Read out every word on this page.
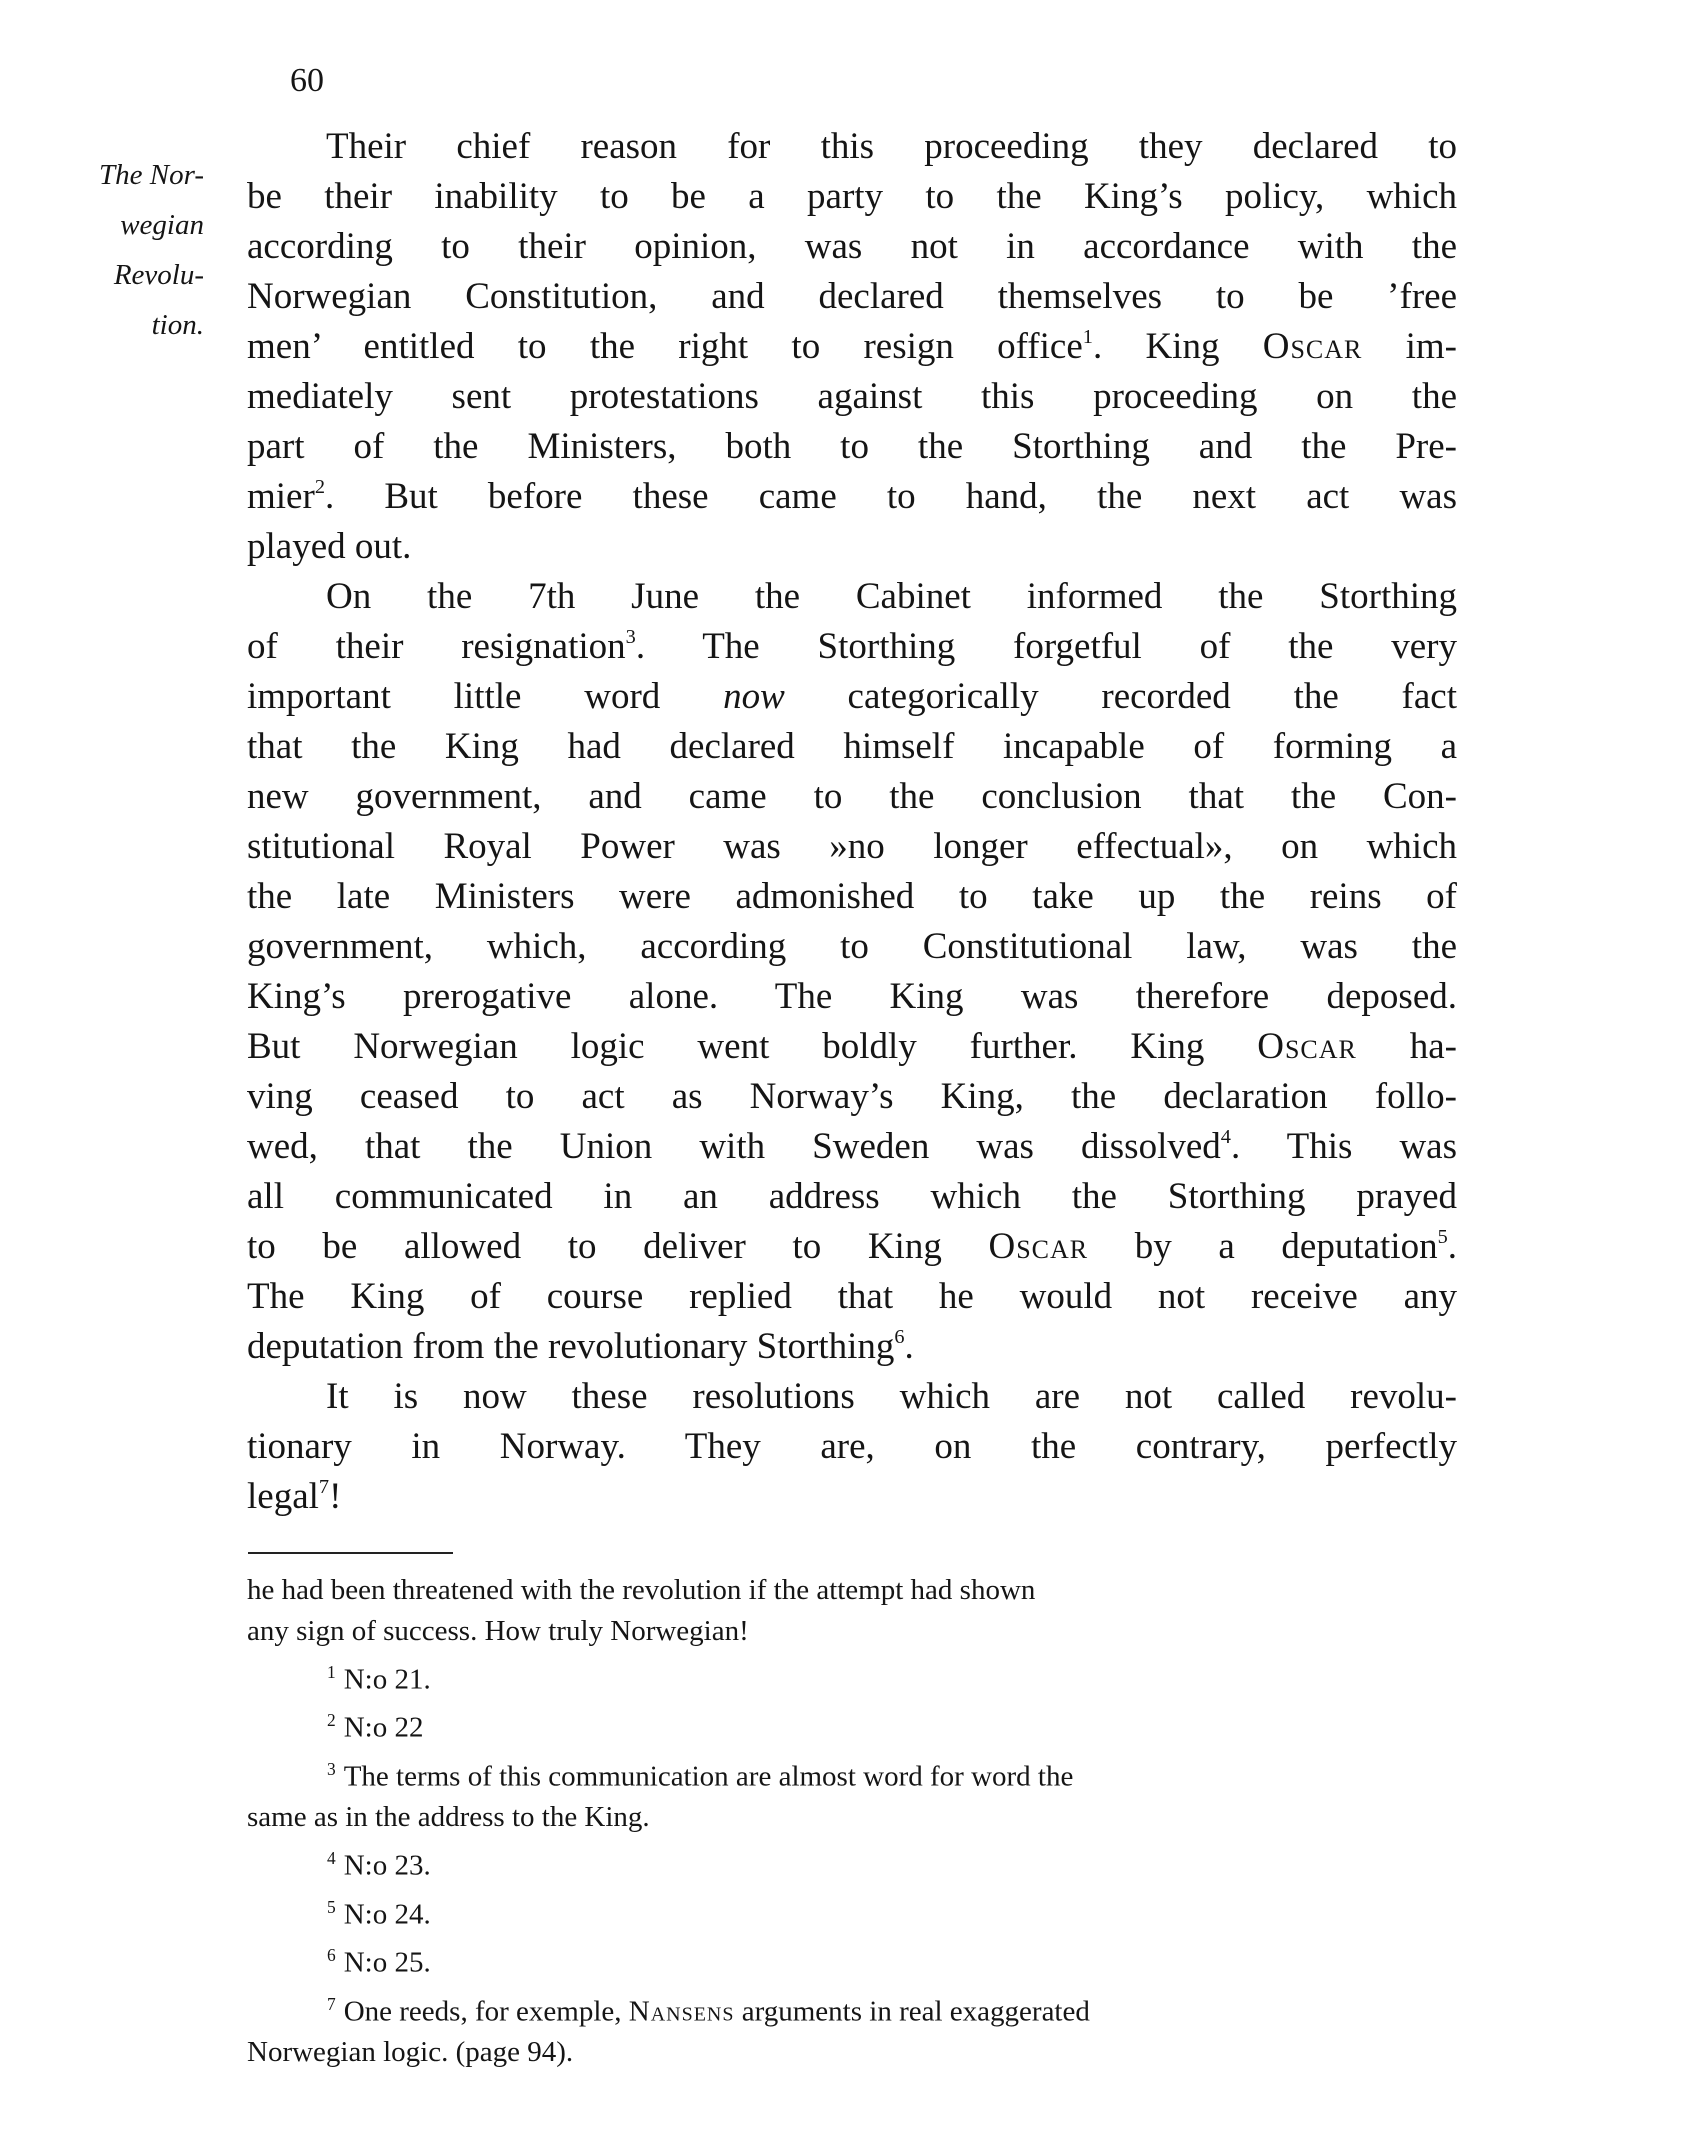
60
The Nor-
wegian
Revolu-
tion.
Their chief reason for this proceeding they declared to
be their inability to be a party to the King’s policy, which
according to their opinion, was not in accordance with the
Norwegian Constitution, and declared themselves to be ’free
men’ entitled to the right to resign office$^1$. King Oscar im-
mediately sent protestations against this proceeding on the
part of the Ministers, both to the Storthing and the Pre-
mier$^2$. But before these came to hand, the next act was
played out.
On the 7th June the Cabinet informed the Storthing
of their resignation$^3$. The Storthing forgetful of the very
important little word now categorically recorded the fact
that the King had declared himself incapable of forming a
new government, and came to the conclusion that the Con-
stitutional Royal Power was »no longer effectual», on which
the late Ministers were admonished to take up the reins of
government, which, according to Constitutional law, was the
King’s prerogative alone. The King was therefore deposed.
But Norwegian logic went boldly further. King Oscar ha-
ving ceased to act as Norway’s King, the declaration follo-
wed, that the Union with Sweden was dissolved$^4$. This was
all communicated in an address which the Storthing prayed
to be allowed to deliver to King Oscar by a deputation$^5$.
The King of course replied that he would not receive any
deputation from the revolutionary Storthing$^6$.
It is now these resolutions which are not called revolu-
tionary in Norway. They are, on the contrary, perfectly
legal$^7$!
he had been threatened with the revolution if the attempt had shown
any sign of success. How truly Norwegian!
$^1$ N:o 21.
$^2$ N:o 22
$^3$ The terms of this communication are almost word for word the
same as in the address to the King.
$^4$ N:o 23.
$^5$ N:o 24.
$^6$ N:o 25.
$^7$ One reeds, for exemple, Nansens arguments in real exaggerated
Norwegian logic. (page 94).
